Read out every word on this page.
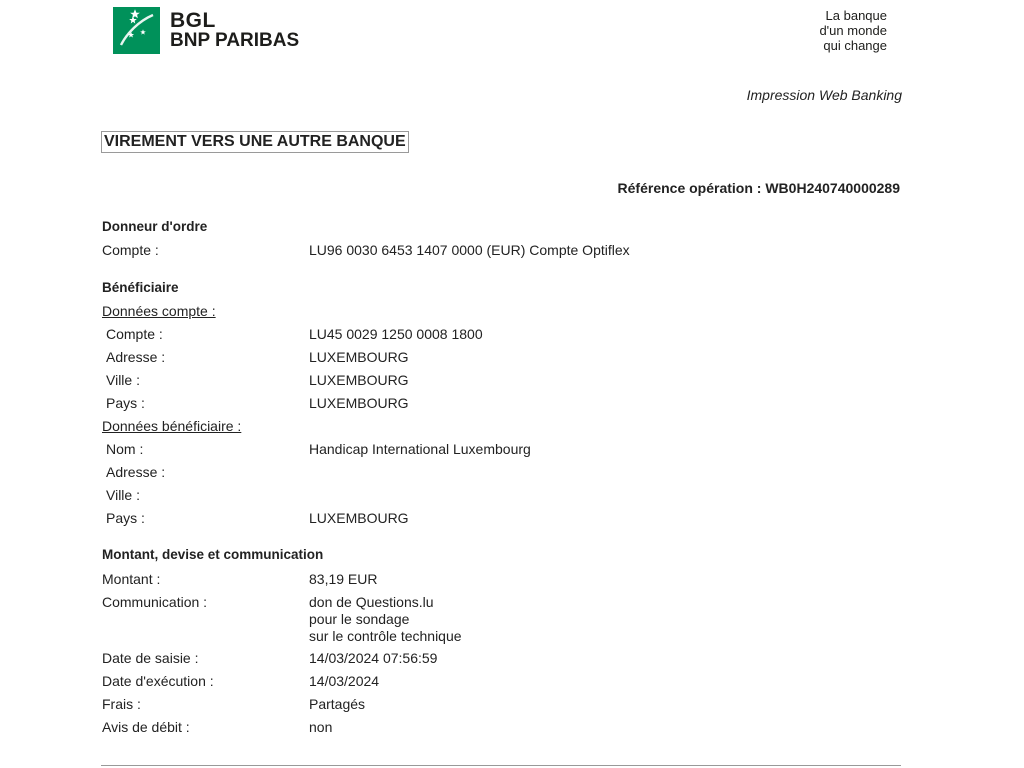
BGL
BNP PARIBAS
La banque
d'un monde
qui change
Impression Web Banking
VIREMENT VERS UNE AUTRE BANQUE
Référence opération : WB0H240740000289
Donneur d'ordre
Compte :	LU96 0030 6453 1407 0000 (EUR) Compte Optiflex
Bénéficiaire
Données compte :
Compte :	LU45 0029 1250 0008 1800
Adresse :	LUXEMBOURG
Ville :	LUXEMBOURG
Pays :	LUXEMBOURG
Données bénéficiaire :
Nom :	Handicap International Luxembourg
Adresse :
Ville :
Pays :	LUXEMBOURG
Montant, devise et communication
Montant :	83,19 EUR
Communication :	don de Questions.lu
pour le sondage
sur le contrôle technique
Date de saisie :	14/03/2024 07:56:59
Date d'exécution :	14/03/2024
Frais :	Partagés
Avis de débit :	non
